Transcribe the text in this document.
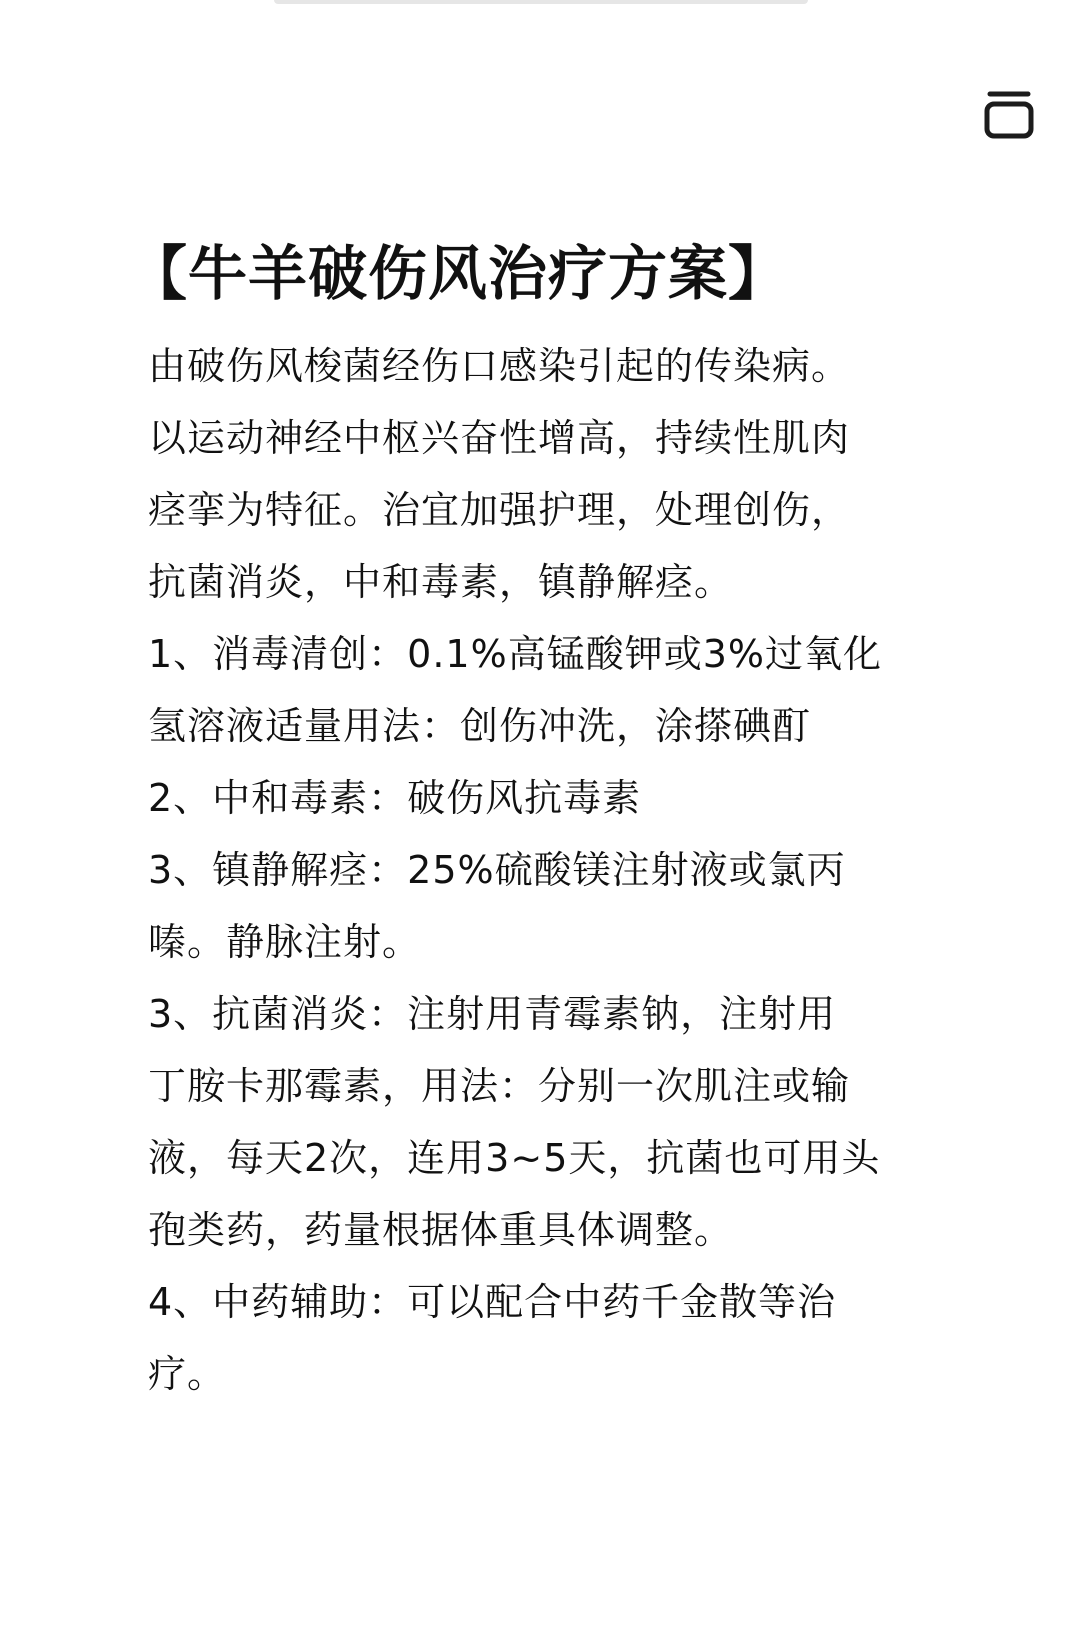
【牛羊破伤风治疗方案】

由破伤风梭菌经伤口感染引起的传染病。

以运动神经中枢兴奋性增高，持续性肌肉

痉挛为特征。治宜加强护理，处理创伤，

抗菌消炎，中和毒素，镇静解痉。

1、消毒清创：0.1%高锰酸钾或3%过氧化

氢溶液适量用法：创伤冲洗，涂搽碘酊

2、中和毒素：破伤风抗毒素

3、镇静解痉：25%硫酸镁注射液或氯丙

嗪。静脉注射。

3、抗菌消炎：注射用青霉素钠，注射用

丁胺卡那霉素，用法：分别一次肌注或输

液，每天2次，连用3~5天，抗菌也可用头

孢类药，药量根据体重具体调整。

4、中药辅助：可以配合中药千金散等治

疗。
